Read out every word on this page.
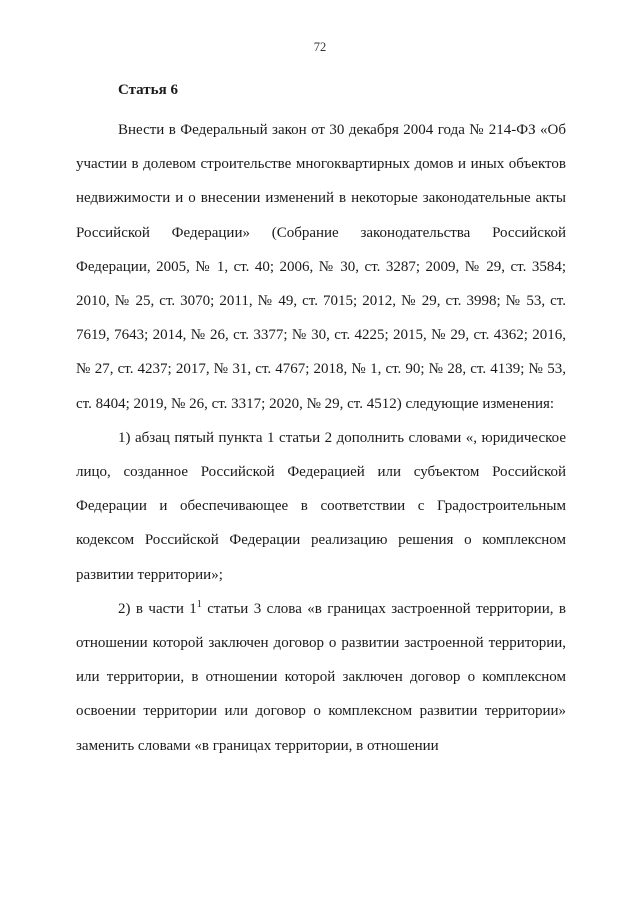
72
Статья 6

Внести в Федеральный закон от 30 декабря 2004 года № 214-ФЗ «Об участии в долевом строительстве многоквартирных домов и иных объектов недвижимости и о внесении изменений в некоторые законодательные акты Российской Федерации» (Собрание законодательства Российской Федерации, 2005, № 1, ст. 40; 2006, № 30, ст. 3287; 2009, № 29, ст. 3584; 2010, № 25, ст. 3070; 2011, № 49, ст. 7015; 2012, № 29, ст. 3998; № 53, ст. 7619, 7643; 2014, № 26, ст. 3377; № 30, ст. 4225; 2015, № 29, ст. 4362; 2016, № 27, ст. 4237; 2017, № 31, ст. 4767; 2018, № 1, ст. 90; № 28, ст. 4139; № 53, ст. 8404; 2019, № 26, ст. 3317; 2020, № 29, ст. 4512) следующие изменения:

1) абзац пятый пункта 1 статьи 2 дополнить словами «, юридическое лицо, созданное Российской Федерацией или субъектом Российской Федерации и обеспечивающее в соответствии с Градостроительным кодексом Российской Федерации реализацию решения о комплексном развитии территории»;

2) в части $1^1$ статьи 3 слова «в границах застроенной территории, в отношении которой заключен договор о развитии застроенной территории, или территории, в отношении которой заключен договор о комплексном освоении территории или договор о комплексном развитии территории» заменить словами «в границах территории, в отношении
